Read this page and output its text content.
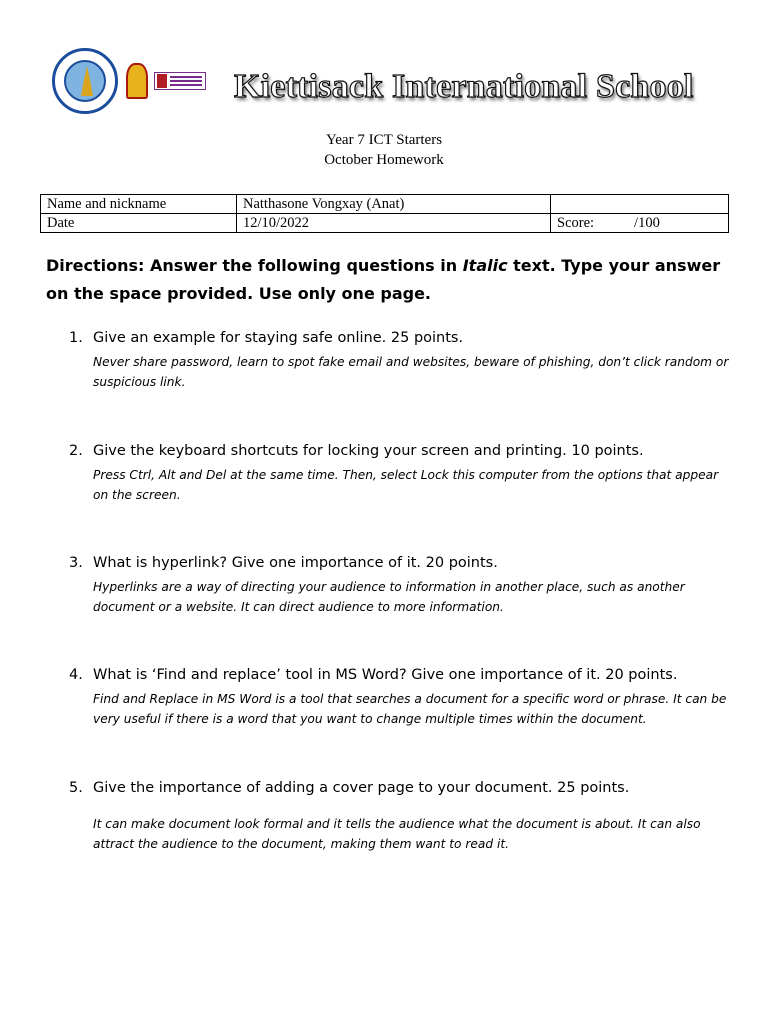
Kiettisack International School
Year 7 ICT Starters
October Homework
Name and nickname	Natthasone Vongxay (Anat)	
Date	12/10/2022	Score: /100
Directions: Answer the following questions in Italic text. Type your answer on the space provided. Use only one page.
1. Give an example for staying safe online. 25 points.
Never share password, learn to spot fake email and websites, beware of phishing, don’t click random or suspicious link.
2. Give the keyboard shortcuts for locking your screen and printing. 10 points.
Press Ctrl, Alt and Del at the same time. Then, select Lock this computer from the options that appear on the screen.
3. What is hyperlink? Give one importance of it. 20 points.
Hyperlinks are a way of directing your audience to information in another place, such as another document or a website. It can direct audience to more information.
4. What is ‘Find and replace’ tool in MS Word? Give one importance of it. 20 points.
Find and Replace in MS Word is a tool that searches a document for a specific word or phrase. It can be very useful if there is a word that you want to change multiple times within the document.
5. Give the importance of adding a cover page to your document. 25 points.
It can make document look formal and it tells the audience what the document is about. It can also attract the audience to the document, making them want to read it.
